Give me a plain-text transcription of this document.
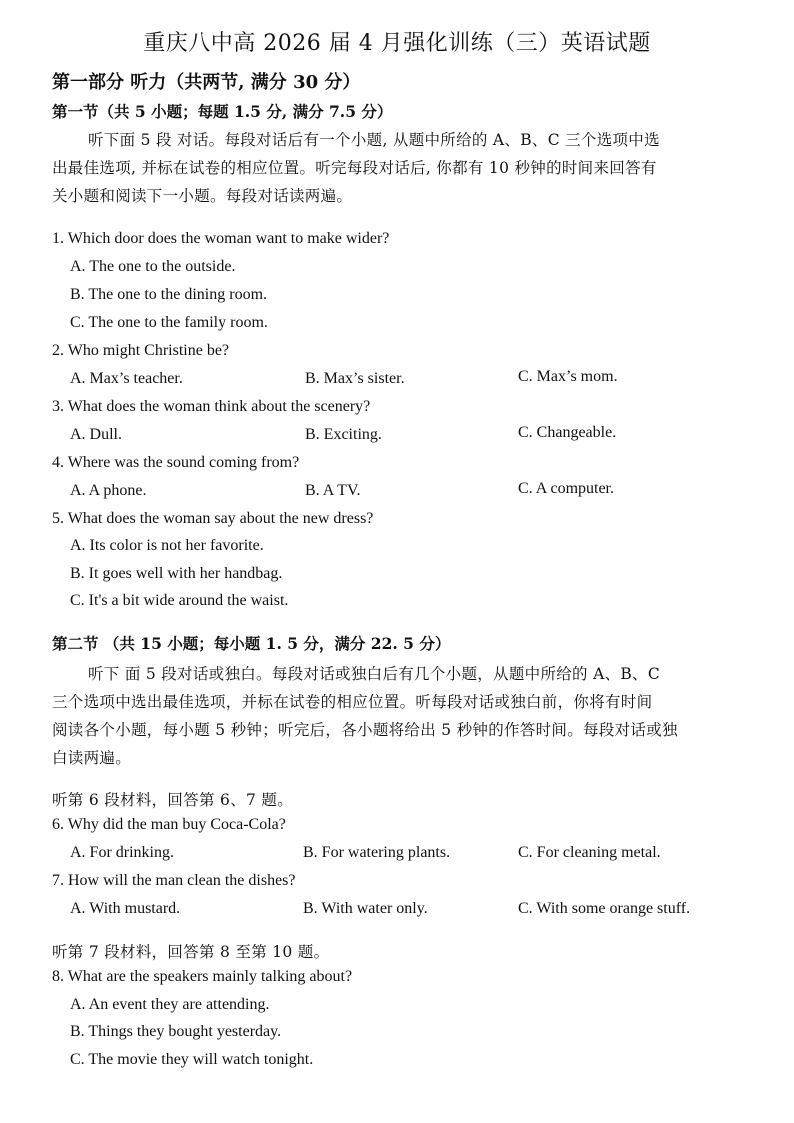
重庆八中高 2026 届 4 月强化训练（三）英语试题
第一部分 听力（共两节, 满分 30 分）
第一节（共 5 小题；每题 1.5 分, 满分 7.5 分）
听下面 5 段 对话。每段对话后有一个小题, 从题中所给的 A、B、C 三个选项中选
出最佳选项, 并标在试卷的相应位置。听完每段对话后, 你都有 10 秒钟的时间来回答有
关小题和阅读下一小题。每段对话读两遍。
1. Which door does the woman want to make wider?
A. The one to the outside.
B. The one to the dining room.
C. The one to the family room.
2. Who might Christine be?
A. Max’s teacher.	B. Max’s sister.	C. Max’s mom.
3. What does the woman think about the scenery?
A. Dull.	B. Exciting.	C. Changeable.
4. Where was the sound coming from?
A. A phone.	B. A TV.	C. A computer.
5. What does the woman say about the new dress?
A. Its color is not her favorite.
B. It goes well with her handbag.
C. It's a bit wide around the waist.
第二节 （共 15 小题；每小题 1. 5 分，满分 22. 5 分）
听下 面 5 段对话或独白。每段对话或独白后有几个小题，从题中所给的 A、B、C
三个选项中选出最佳选项，并标在试卷的相应位置。听每段对话或独白前，你将有时间
阅读各个小题，每小题 5 秒钟；听完后，各小题将给出 5 秒钟的作答时间。每段对话或独
白读两遍。
听第 6 段材料，回答第 6、7 题。
6. Why did the man buy Coca-Cola?
A. For drinking.	B. For watering plants.	C. For cleaning metal.
7. How will the man clean the dishes?
A. With mustard.	B. With water only.	C. With some orange stuff.
听第 7 段材料，回答第 8 至第 10 题。
8. What are the speakers mainly talking about?
A. An event they are attending.
B. Things they bought yesterday.
C. The movie they will watch tonight.
